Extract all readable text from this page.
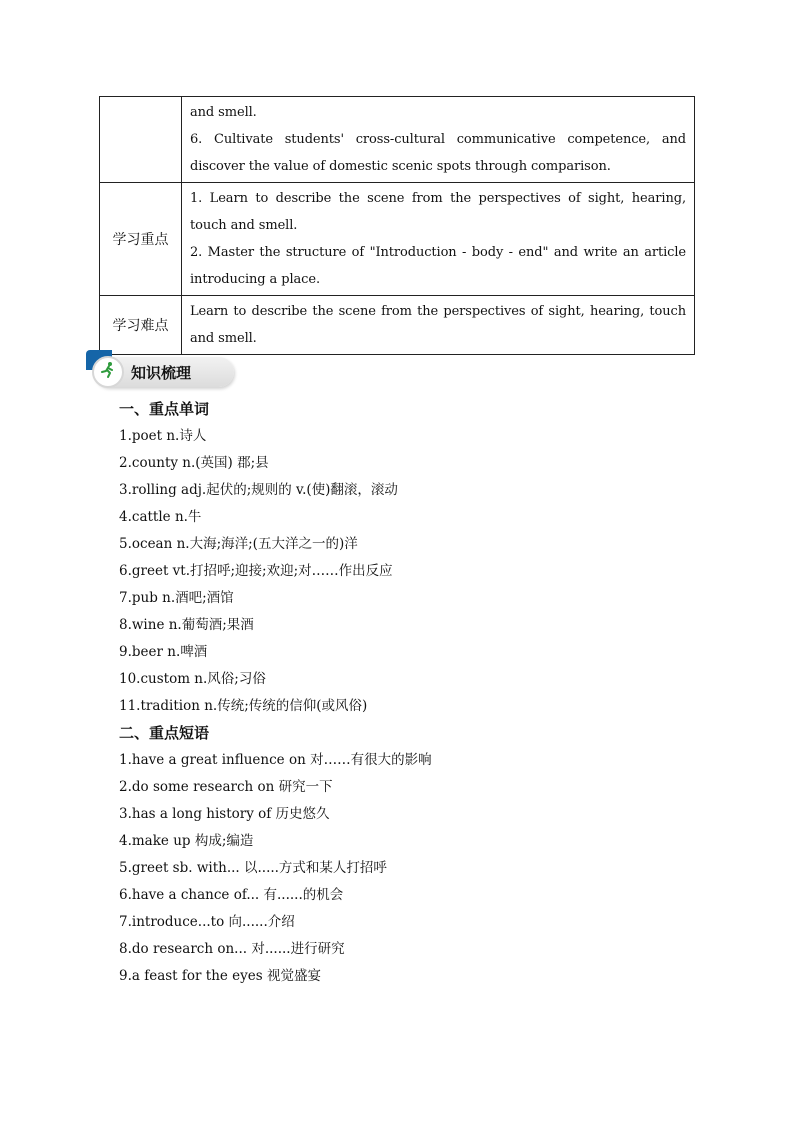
	and smell.
6. Cultivate students' cross-cultural communicative competence, and discover the value of domestic scenic spots through comparison.

学习重点	1. Learn to describe the scene from the perspectives of sight, hearing, touch and smell.
2. Master the structure of "Introduction - body - end" and write an article introducing a place.

学习难点	Learn to describe the scene from the perspectives of sight, hearing, touch and smell.
知识梳理
一、重点单词
1.poet n.诗人
2.county n.(英国) 郡;县
3.rolling adj.起伏的;规则的 v.(使)翻滚，滚动
4.cattle n.牛
5.ocean n.大海;海洋;(五大洋之一的)洋
6.greet vt.打招呼;迎接;欢迎;对……作出反应
7.pub n.酒吧;酒馆
8.wine n.葡萄酒;果酒
9.beer n.啤酒
10.custom n.风俗;习俗
11.tradition n.传统;传统的信仰(或风俗)
二、重点短语
1.have a great influence on 对……有很大的影响
2.do some research on 研究一下
3.has a long history of 历史悠久
4.make up 构成;编造
5.greet sb. with... 以.....方式和某人打招呼
6.have a chance of... 有......的机会
7.introduce...to 向......介绍
8.do research on... 对......进行研究
9.a feast for the eyes 视觉盛宴
